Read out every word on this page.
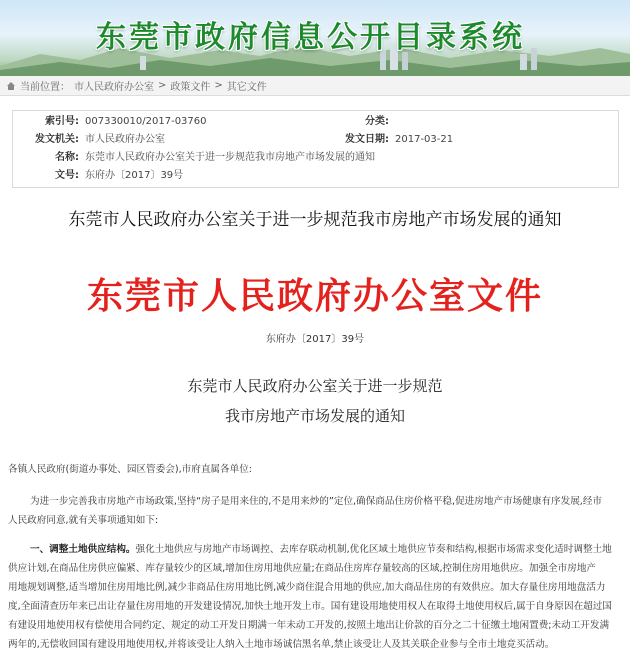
东莞市政府信息公开目录系统
当前位置： 市人民政府办公室 > 政策文件 > 其它文件
索引号: 007330010/2017-03760	分类:
发文机关: 市人民政府办公室	发文日期: 2017-03-21
名称: 东莞市人民政府办公室关于进一步规范我市房地产市场发展的通知
文号: 东府办〔2017〕39号
东莞市人民政府办公室关于进一步规范我市房地产市场发展的通知
东莞市人民政府办公室文件
东府办〔2017〕39号
东莞市人民政府办公室关于进一步规范
我市房地产市场发展的通知
各镇人民政府(街道办事处、园区管委会),市府直属各单位:
为进一步完善我市房地产市场政策,坚持“房子是用来住的,不是用来炒的”定位,确保商品住房价格平稳,促进房地产市场健康有序发展,经市
人民政府同意,就有关事项通知如下:
一、调整土地供应结构。强化土地供应与房地产市场调控、去库存联动机制,优化区域土地供应节奏和结构,根据市场需求变化适时调整土地
供应计划,在商品住房供应偏紧、库存量较少的区域,增加住房用地供应量;在商品住房库存量较高的区域,控制住房用地供应。加强全市房地产
用地规划调整,适当增加住房用地比例,减少非商品住房用地比例,减少商住混合用地的供应,加大商品住房的有效供应。加大存量住房用地盘活力
度,全面清查历年来已出让存量住房用地的开发建设情况,加快土地开发上市。国有建设用地使用权人在取得土地使用权后,属于自身原因在超过国
有建设用地使用权有偿使用合同约定、规定的动工开发日期满一年未动工开发的,按照土地出让价款的百分之二十征缴土地闲置费;未动工开发满
两年的,无偿收回国有建设用地使用权,并将该受让人纳入土地市场诚信黑名单,禁止该受让人及其关联企业参与全市土地竞买活动。
